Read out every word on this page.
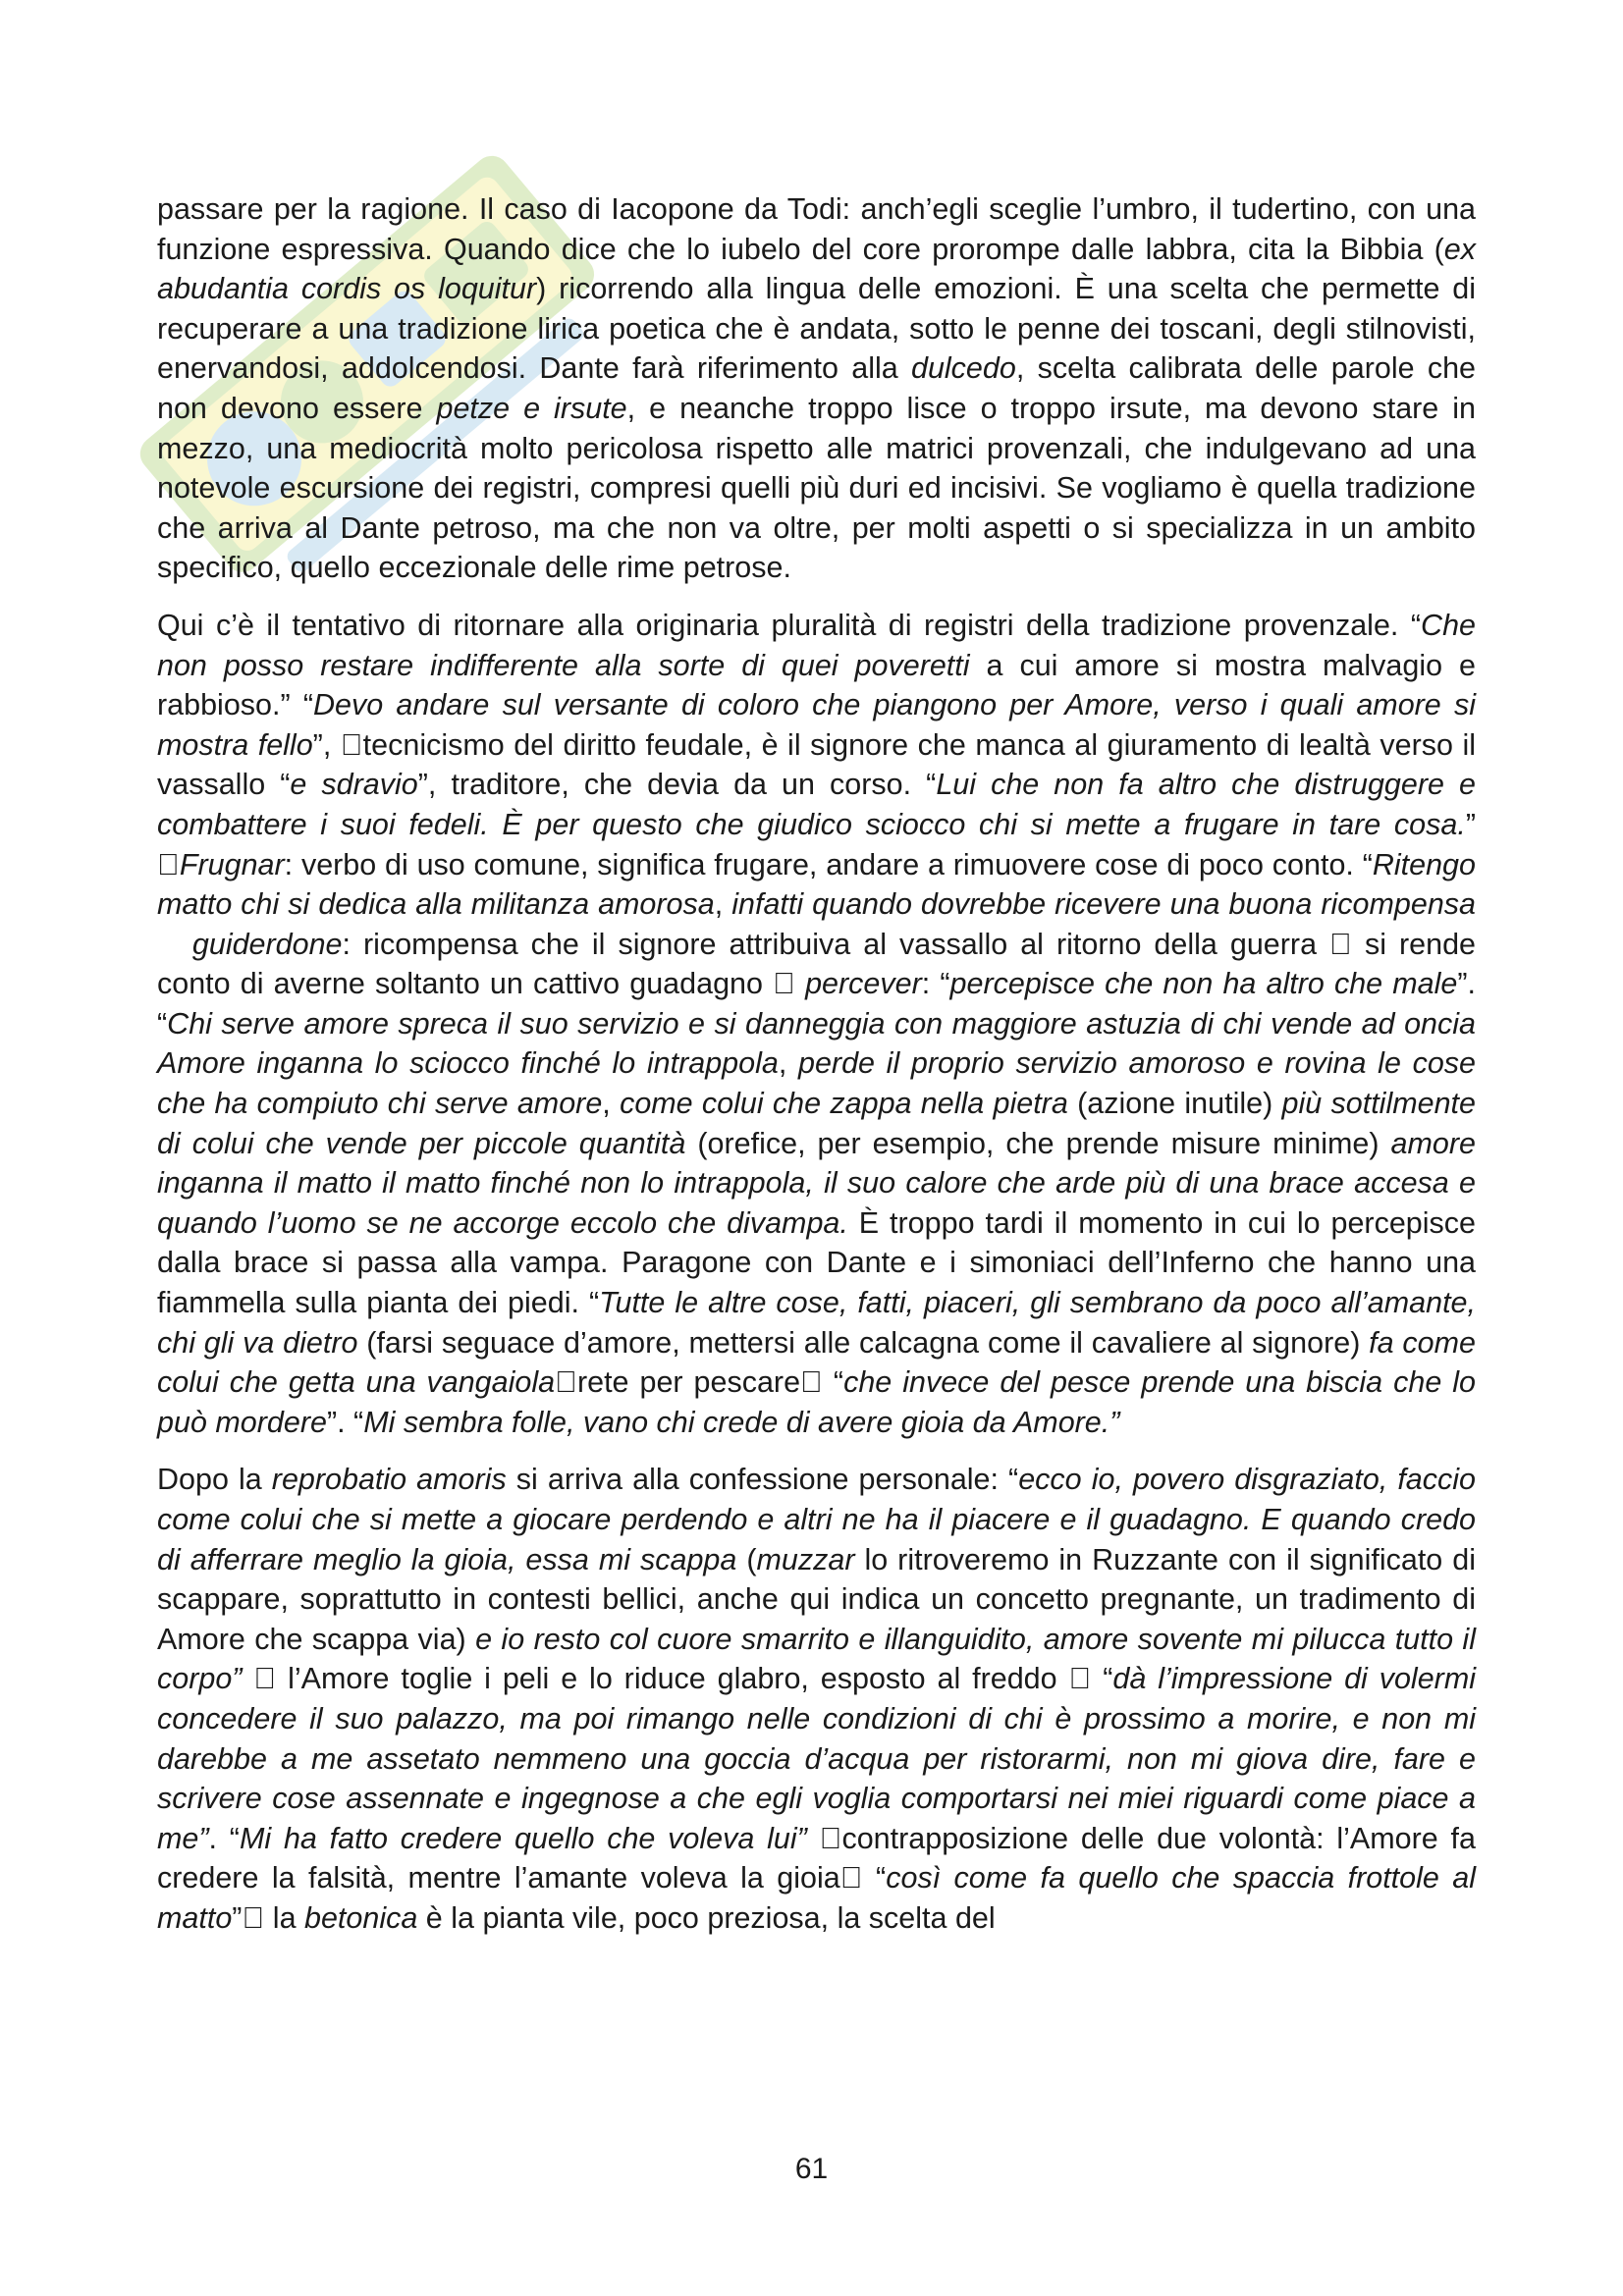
passare per la ragione. Il caso di Iacopone da Todi: anch’egli sceglie l’umbro, il tudertino, con una funzione espressiva. Quando dice che lo iubelo del core prorompe dalle labbra, cita la Bibbia (ex abudantia cordis os loquitur) ricorrendo alla lingua delle emozioni. È una scelta che permette di recuperare a una tradizione lirica poetica che è andata, sotto le penne dei toscani, degli stilnovisti, enervandosi, addolcendosi. Dante farà riferimento alla dulcedo, scelta calibrata delle parole che non devono essere petze e irsute, e neanche troppo lisce o troppo irsute, ma devono stare in mezzo, una mediocrità molto pericolosa rispetto alle matrici provenzali, che indulgevano ad una notevole escursione dei registri, compresi quelli più duri ed incisivi. Se vogliamo è quella tradizione che arriva al Dante petroso, ma che non va oltre, per molti aspetti o si specializza in un ambito specifico, quello eccezionale delle rime petrose.

Qui c’è il tentativo di ritornare alla originaria pluralità di registri della tradizione provenzale. “Che non posso restare indifferente alla sorte di quei poveretti a cui amore si mostra malvagio e rabbioso.” “Devo andare sul versante di coloro che piangono per Amore, verso i quali amore si mostra fello”, tecnicismo del diritto feudale, è il signore che manca al giuramento di lealtà verso il vassallo “e sdravio”, traditore, che devia da un corso. “Lui che non fa altro che distruggere e combattere i suoi fedeli. È per questo che giudico sciocco chi si mette a frugare in tare cosa.” Frugnar: verbo di uso comune, significa frugare, andare a rimuovere cose di poco conto. “Ritengo matto chi si dedica alla militanza amorosa, infatti quando dovrebbe ricevere una buona ricompensa guiderdone: ricompensa che il signore attribuiva al vassallo al ritorno della guerra si rende conto di averne soltanto un cattivo guadagno percever: “percepisce che non ha altro che male”. “Chi serve amore spreca il suo servizio e si danneggia con maggiore astuzia di chi vende ad oncia Amore inganna lo sciocco finché lo intrappola, perde il proprio servizio amoroso e rovina le cose che ha compiuto chi serve amore, come colui che zappa nella pietra (azione inutile) più sottilmente di colui che vende per piccole quantità (orefice, per esempio, che prende misure minime) amore inganna il matto il matto finché non lo intrappola, il suo calore che arde più di una brace accesa e quando l’uomo se ne accorge eccolo che divampa. È troppo tardi il momento in cui lo percepisce dalla brace si passa alla vampa. Paragone con Dante e i simoniaci dell’Inferno che hanno una fiammella sulla pianta dei piedi. “Tutte le altre cose, fatti, piaceri, gli sembrano da poco all’amante, chi gli va dietro (farsi seguace d’amore, mettersi alle calcagna come il cavaliere al signore) fa come colui che getta una vangaiola rete per pescare “che invece del pesce prende una biscia che lo può mordere”. “Mi sembra folle, vano chi crede di avere gioia da Amore.”

Dopo la reprobatio amoris si arriva alla confessione personale: “ecco io, povero disgraziato, faccio come colui che si mette a giocare perdendo e altri ne ha il piacere e il guadagno. E quando credo di afferrare meglio la gioia, essa mi scappa (muzzar lo ritroveremo in Ruzzante con il significato di scappare, soprattutto in contesti bellici, anche qui indica un concetto pregnante, un tradimento di Amore che scappa via) e io resto col cuore smarrito e illanguidito, amore sovente mi pilucca tutto il corpo” l’Amore toglie i peli e lo riduce glabro, esposto al freddo “dà l’impressione di volermi concedere il suo palazzo, ma poi rimango nelle condizioni di chi è prossimo a morire, e non mi darebbe a me assetato nemmeno una goccia d’acqua per ristorarmi, non mi giova dire, fare e scrivere cose assennate e ingegnose a che egli voglia comportarsi nei miei riguardi come piace a me”. “Mi ha fatto credere quello che voleva lui” contrapposizione delle due volontà: l’Amore fa credere la falsità, mentre l’amante voleva la gioia “così come fa quello che spaccia frottole al matto” la betonica è la pianta vile, poco preziosa, la scelta del

61
